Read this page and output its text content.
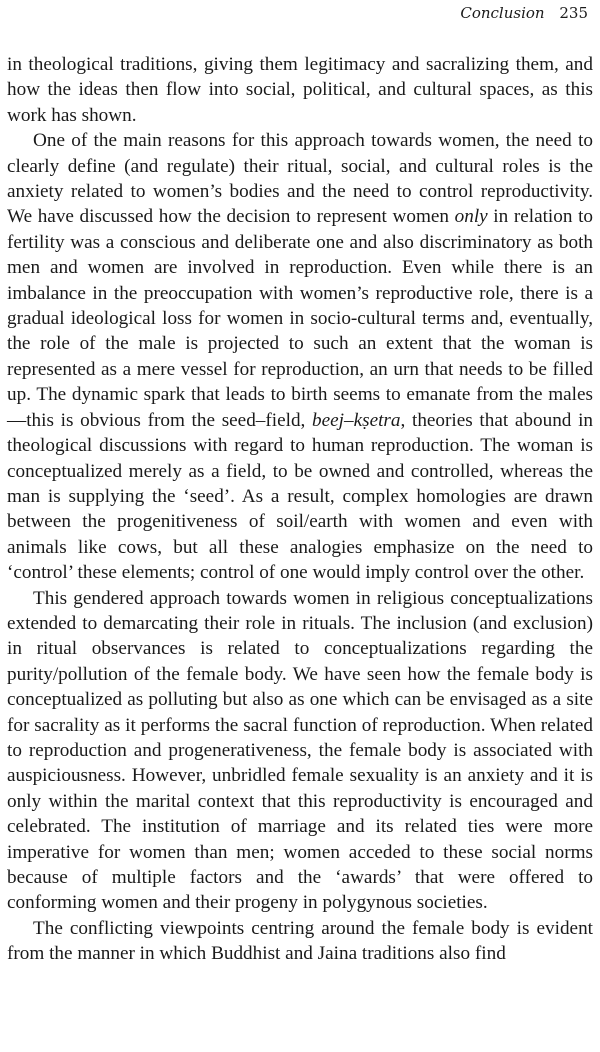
Conclusion 235

in theological traditions, giving them legitimacy and sacralizing them, and how the ideas then flow into social, political, and cultural spaces, as this work has shown.

One of the main reasons for this approach towards women, the need to clearly define (and regulate) their ritual, social, and cultural roles is the anxiety related to women’s bodies and the need to control reproductivity. We have discussed how the decision to represent women only in relation to fertility was a conscious and deliberate one and also discriminatory as both men and women are involved in reproduction. Even while there is an imbalance in the preoccupation with women’s reproductive role, there is a gradual ideological loss for women in socio-cultural terms and, eventually, the role of the male is projected to such an extent that the woman is represented as a mere vessel for reproduction, an urn that needs to be filled up. The dynamic spark that leads to birth seems to emanate from the males—this is obvious from the seed–field, beej–kṣetra, theories that abound in theological discussions with regard to human reproduction. The woman is conceptualized merely as a field, to be owned and controlled, whereas the man is supplying the ‘seed’. As a result, complex homologies are drawn between the progenitiveness of soil/earth with women and even with animals like cows, but all these analogies emphasize on the need to ‘control’ these elements; control of one would imply control over the other.

This gendered approach towards women in religious conceptualizations extended to demarcating their role in rituals. The inclusion (and exclusion) in ritual observances is related to conceptualizations regarding the purity/pollution of the female body. We have seen how the female body is conceptualized as polluting but also as one which can be envisaged as a site for sacrality as it performs the sacral function of reproduction. When related to reproduction and progenerativeness, the female body is associated with auspiciousness. However, unbridled female sexuality is an anxiety and it is only within the marital context that this reproductivity is encouraged and celebrated. The institution of marriage and its related ties were more imperative for women than men; women acceded to these social norms because of multiple factors and the ‘awards’ that were offered to conforming women and their progeny in polygynous societies.

The conflicting viewpoints centring around the female body is evident from the manner in which Buddhist and Jaina traditions also find
